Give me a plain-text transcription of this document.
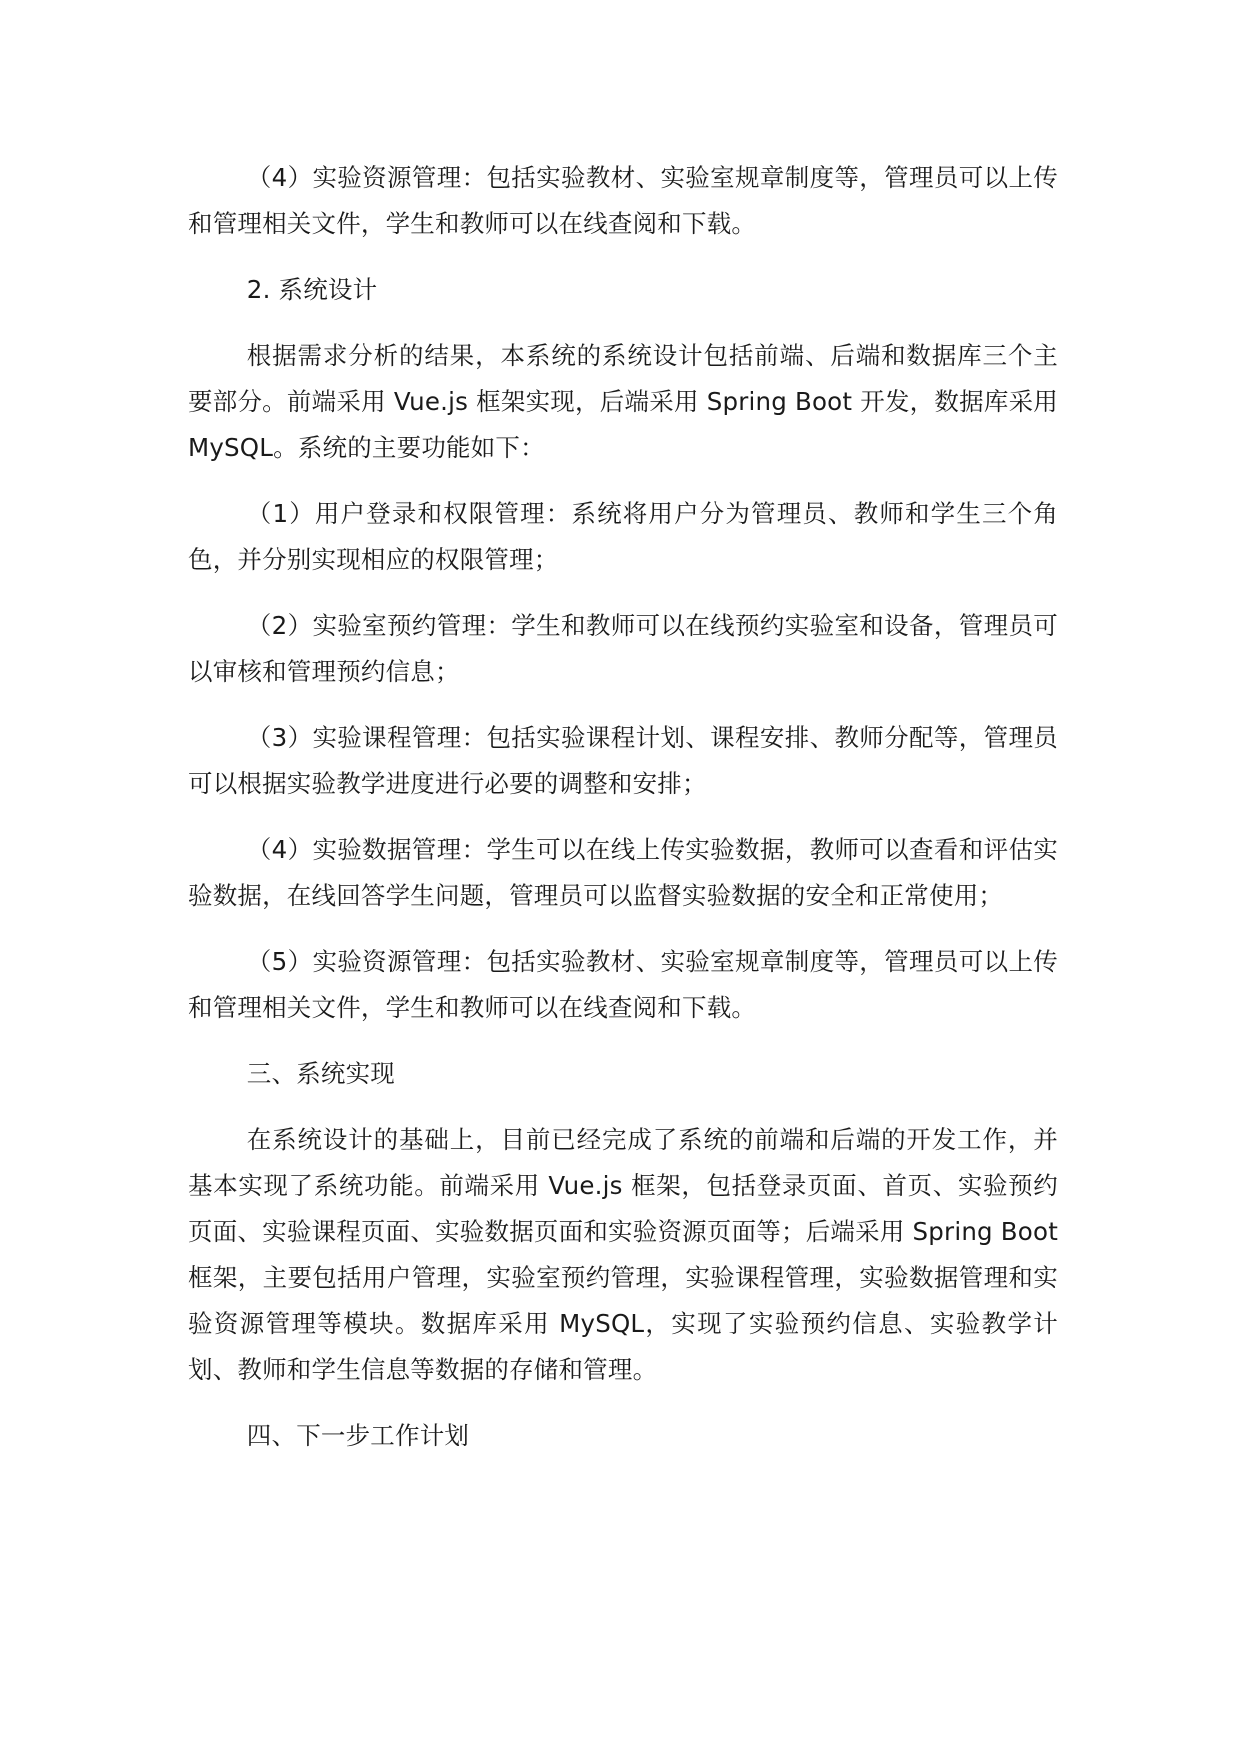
（4）实验资源管理：包括实验教材、实验室规章制度等，管理员可以上传和管理相关文件，学生和教师可以在线查阅和下载。

2. 系统设计

根据需求分析的结果，本系统的系统设计包括前端、后端和数据库三个主要部分。前端采用 Vue.js 框架实现，后端采用 Spring Boot 开发，数据库采用 MySQL。系统的主要功能如下：

（1）用户登录和权限管理：系统将用户分为管理员、教师和学生三个角色，并分别实现相应的权限管理；

（2）实验室预约管理：学生和教师可以在线预约实验室和设备，管理员可以审核和管理预约信息；

（3）实验课程管理：包括实验课程计划、课程安排、教师分配等，管理员可以根据实验教学进度进行必要的调整和安排；

（4）实验数据管理：学生可以在线上传实验数据，教师可以查看和评估实验数据，在线回答学生问题，管理员可以监督实验数据的安全和正常使用；

（5）实验资源管理：包括实验教材、实验室规章制度等，管理员可以上传和管理相关文件，学生和教师可以在线查阅和下载。

三、系统实现

在系统设计的基础上，目前已经完成了系统的前端和后端的开发工作，并基本实现了系统功能。前端采用 Vue.js 框架，包括登录页面、首页、实验预约页面、实验课程页面、实验数据页面和实验资源页面等；后端采用 Spring Boot 框架，主要包括用户管理，实验室预约管理，实验课程管理，实验数据管理和实验资源管理等模块。数据库采用 MySQL，实现了实验预约信息、实验教学计划、教师和学生信息等数据的存储和管理。

四、下一步工作计划
